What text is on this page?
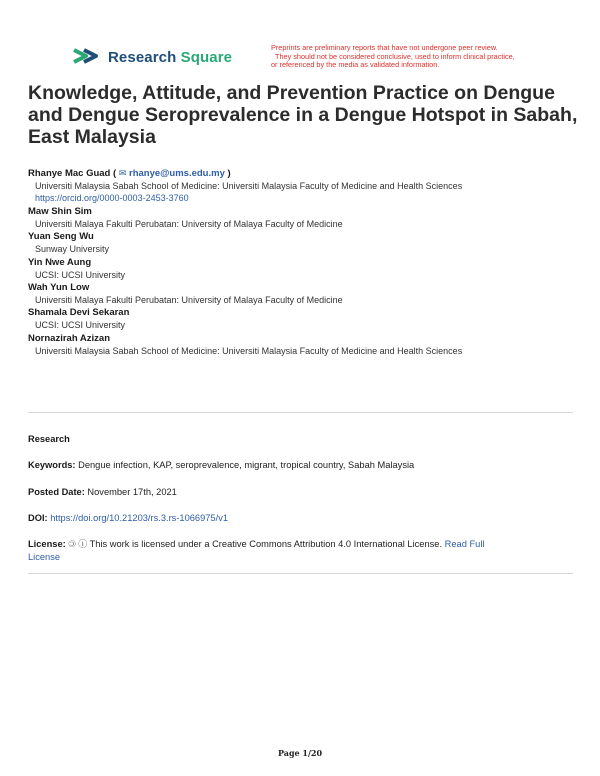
Research Square
Preprints are preliminary reports that have not undergone peer review.
They should not be considered conclusive, used to inform clinical practice,
or referenced by the media as validated information.
Knowledge, Attitude, and Prevention Practice on Dengue and Dengue Seroprevalence in a Dengue Hotspot in Sabah, East Malaysia
Rhanye Mac Guad ( ✉ rhanye@ums.edu.my )
Universiti Malaysia Sabah School of Medicine: Universiti Malaysia Faculty of Medicine and Health Sciences
https://orcid.org/0000-0003-2453-3760
Maw Shin Sim
Universiti Malaya Fakulti Perubatan: University of Malaya Faculty of Medicine
Yuan Seng Wu
Sunway University
Yin Nwe Aung
UCSI: UCSI University
Wah Yun Low
Universiti Malaya Fakulti Perubatan: University of Malaya Faculty of Medicine
Shamala Devi Sekaran
UCSI: UCSI University
Nornazirah Azizan
Universiti Malaysia Sabah School of Medicine: Universiti Malaysia Faculty of Medicine and Health Sciences
Research
Keywords: Dengue infection, KAP, seroprevalence, migrant, tropical country, Sabah Malaysia
Posted Date: November 17th, 2021
DOI: https://doi.org/10.21203/rs.3.rs-1066975/v1
License: 🄯 ⓘ This work is licensed under a Creative Commons Attribution 4.0 International License. Read Full
License
Page 1/20
